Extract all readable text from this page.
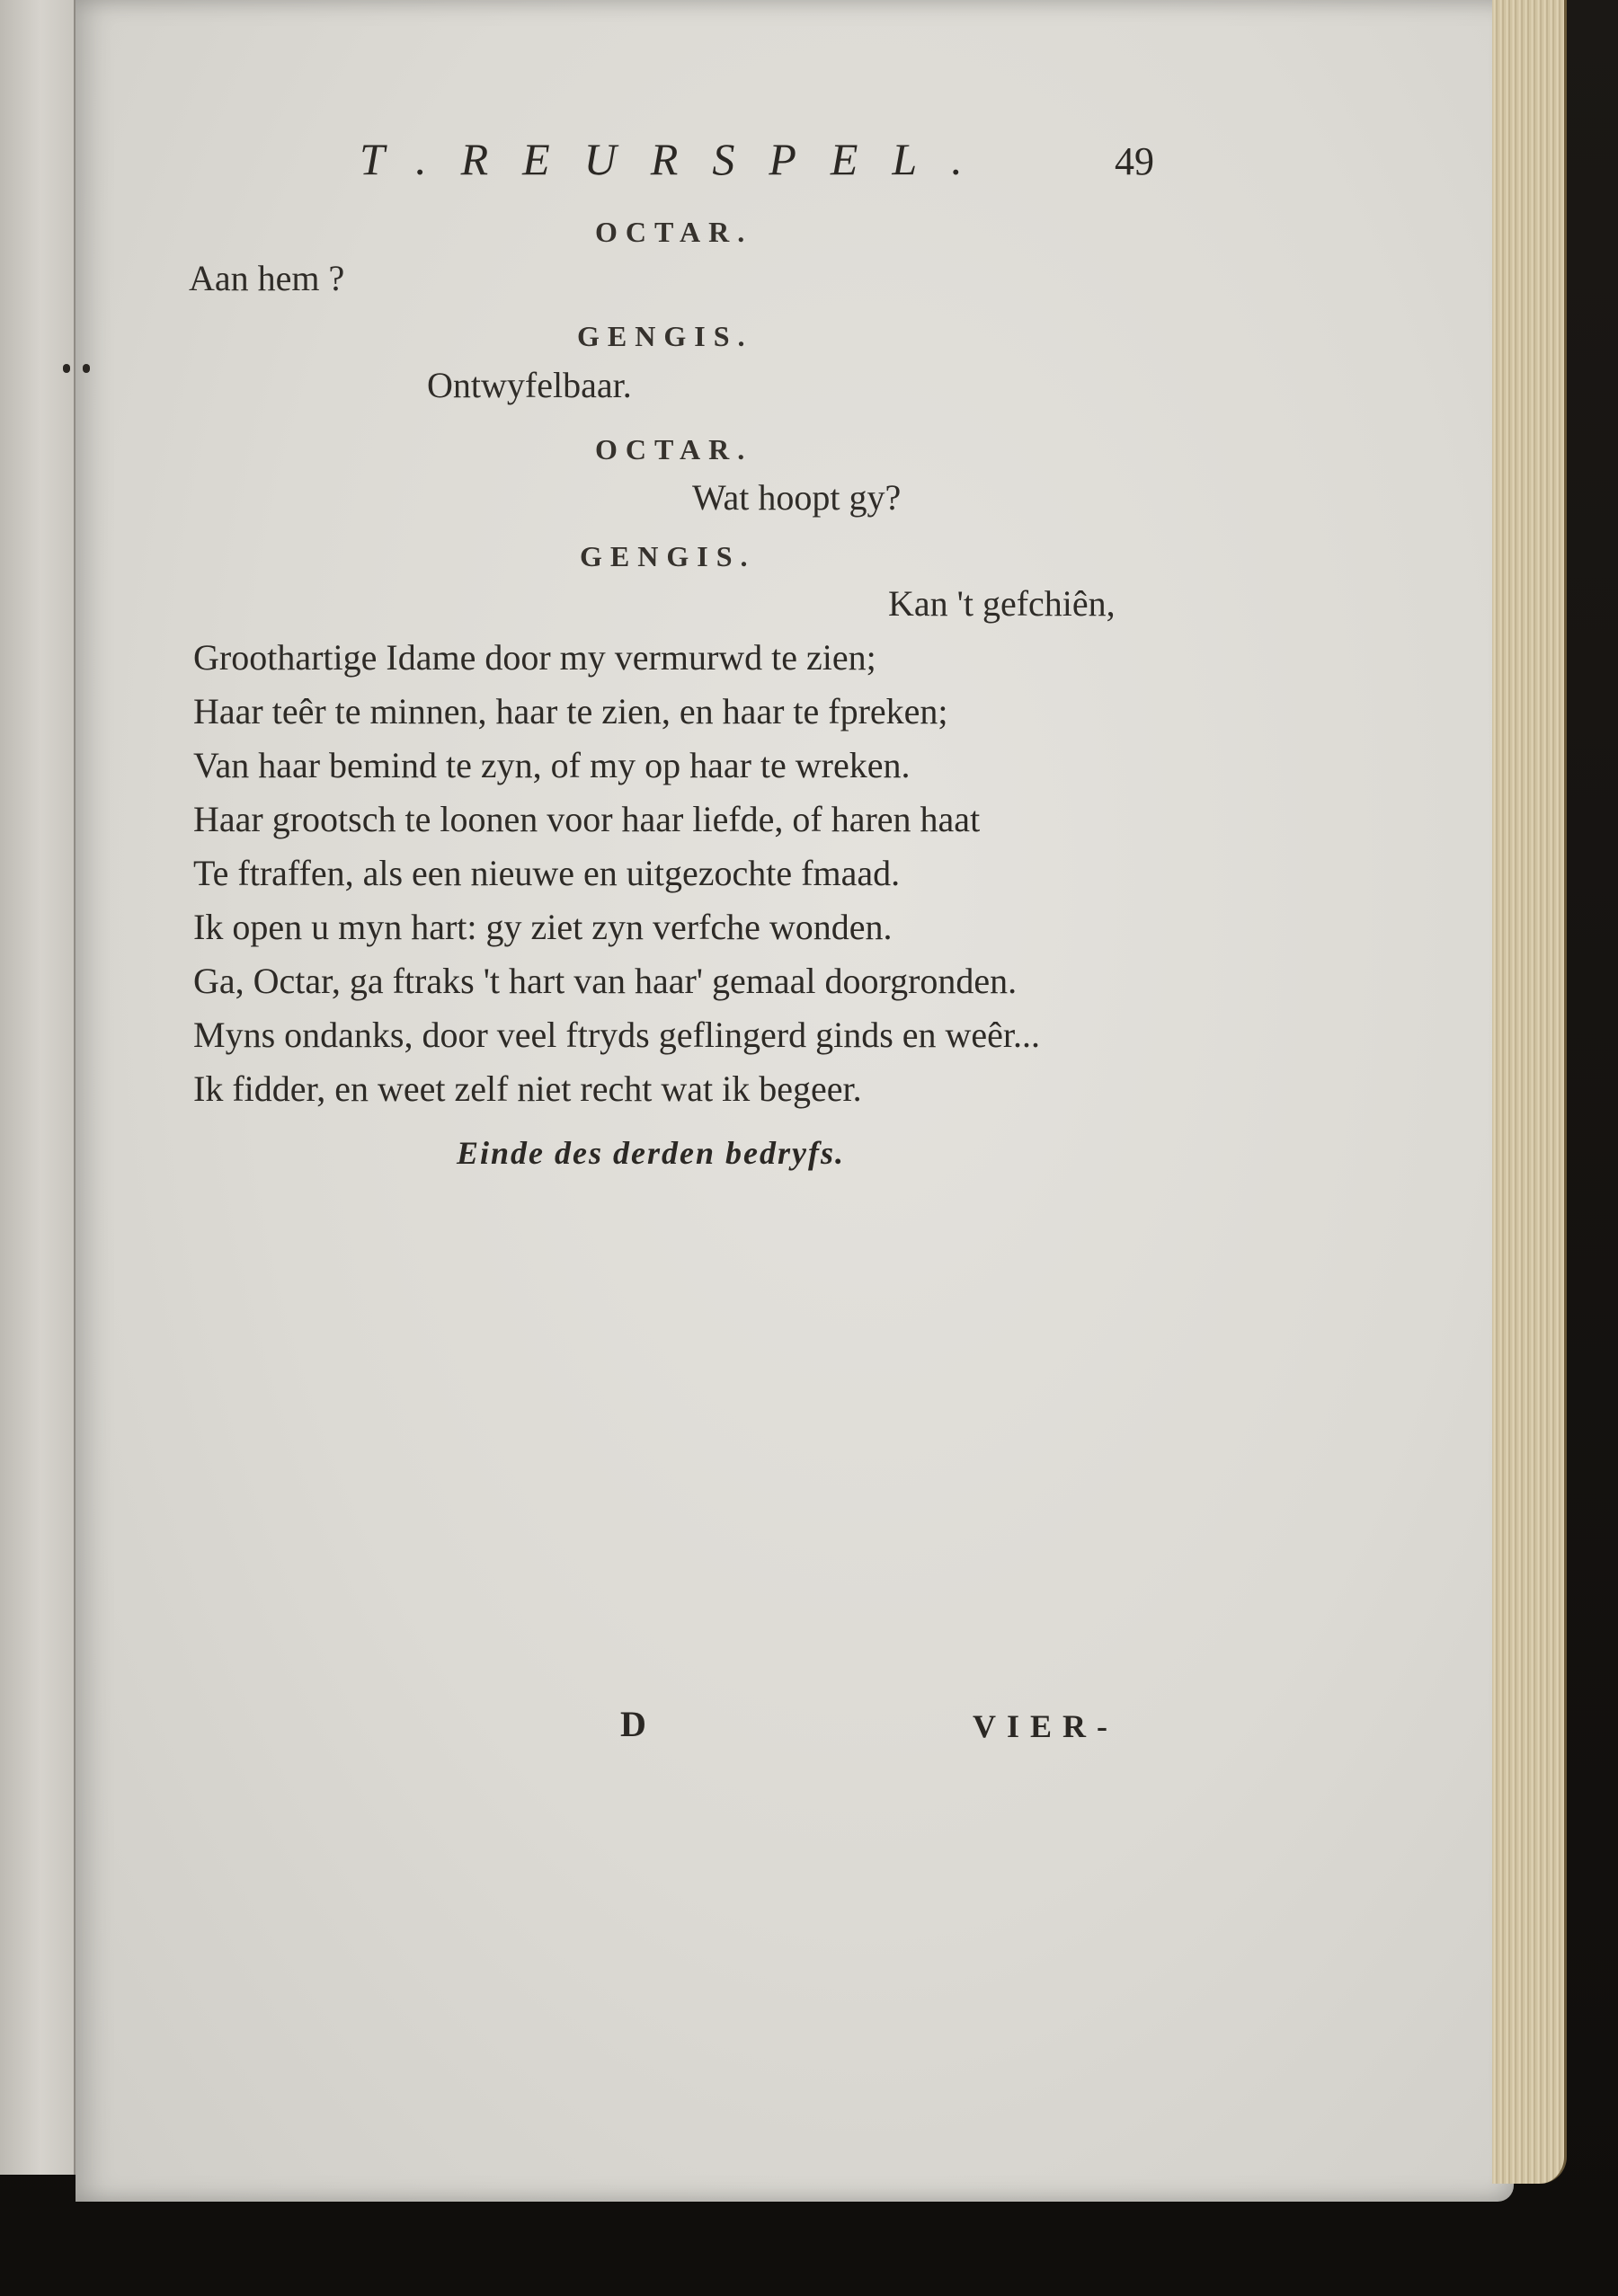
T.REURSPEL.	49
OCTAR.
Aan hem ?
GENGIS.
Ontwyfelbaar.
OCTAR.
Wat hoopt gy?
GENGIS.
Kan 't gefchiên,
Groothartige Idame door my vermurwd te zien;
Haar teêr te minnen, haar te zien, en haar te fpreken;
Van haar bemind te zyn, of my op haar te wreken.
Haar grootsch te loonen voor haar liefde, of haren haat
Te ftraffen, als een nieuwe en uitgezochte fmaad.
Ik open u myn hart: gy ziet zyn verfche wonden.
Ga, Octar, ga ftraks 't hart van haar' gemaal doorgronden.
Myns ondanks, door veel ftryds geflingerd ginds en weêr...
Ik fidder, en weet zelf niet recht wat ik begeer.
Einde des derden bedryfs.
D	VIER-
